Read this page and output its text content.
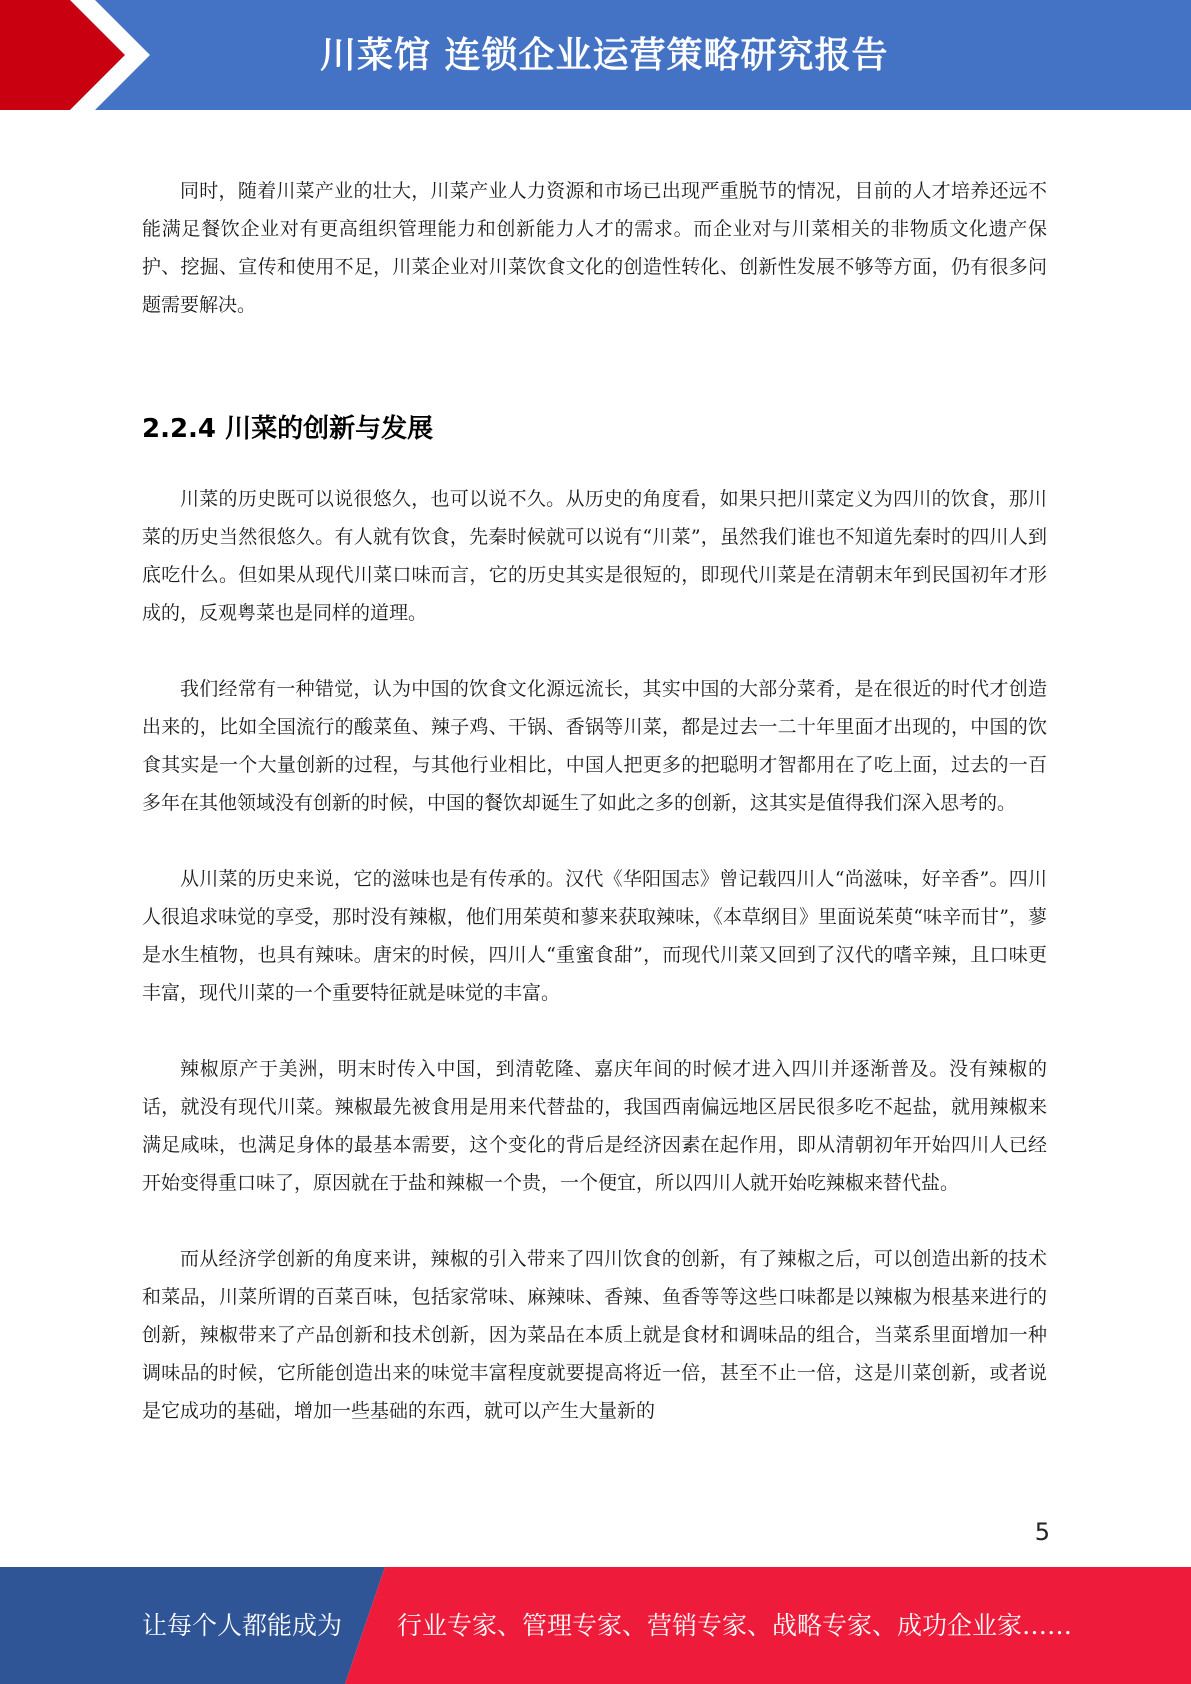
川菜馆 连锁企业运营策略研究报告

同时，随着川菜产业的壮大，川菜产业人力资源和市场已出现严重脱节的情况，目前的人才培养还远不能满足餐饮企业对有更高组织管理能力和创新能力人才的需求。而企业对与川菜相关的非物质文化遗产保护、挖掘、宣传和使用不足，川菜企业对川菜饮食文化的创造性转化、创新性发展不够等方面，仍有很多问题需要解决。

2.2.4 川菜的创新与发展

川菜的历史既可以说很悠久，也可以说不久。从历史的角度看，如果只把川菜定义为四川的饮食，那川菜的历史当然很悠久。有人就有饮食，先秦时候就可以说有“川菜”，虽然我们谁也不知道先秦时的四川人到底吃什么。但如果从现代川菜口味而言，它的历史其实是很短的，即现代川菜是在清朝末年到民国初年才形成的，反观粤菜也是同样的道理。

我们经常有一种错觉，认为中国的饮食文化源远流长，其实中国的大部分菜肴，是在很近的时代才创造出来的，比如全国流行的酸菜鱼、辣子鸡、干锅、香锅等川菜，都是过去一二十年里面才出现的，中国的饮食其实是一个大量创新的过程，与其他行业相比，中国人把更多的把聪明才智都用在了吃上面，过去的一百多年在其他领域没有创新的时候，中国的餐饮却诞生了如此之多的创新，这其实是值得我们深入思考的。

从川菜的历史来说，它的滋味也是有传承的。汉代《华阳国志》曾记载四川人“尚滋味，好辛香”。四川人很追求味觉的享受，那时没有辣椒，他们用茱萸和蓼来获取辣味，《本草纲目》里面说茱萸“味辛而甘”，蓼是水生植物，也具有辣味。唐宋的时候，四川人“重蜜食甜”，而现代川菜又回到了汉代的嗜辛辣，且口味更丰富，现代川菜的一个重要特征就是味觉的丰富。

辣椒原产于美洲，明末时传入中国，到清乾隆、嘉庆年间的时候才进入四川并逐渐普及。没有辣椒的话，就没有现代川菜。辣椒最先被食用是用来代替盐的，我国西南偏远地区居民很多吃不起盐，就用辣椒来满足咸味，也满足身体的最基本需要，这个变化的背后是经济因素在起作用，即从清朝初年开始四川人已经开始变得重口味了，原因就在于盐和辣椒一个贵，一个便宜，所以四川人就开始吃辣椒来替代盐。

而从经济学创新的角度来讲，辣椒的引入带来了四川饮食的创新，有了辣椒之后，可以创造出新的技术和菜品，川菜所谓的百菜百味，包括家常味、麻辣味、香辣、鱼香等等这些口味都是以辣椒为根基来进行的创新，辣椒带来了产品创新和技术创新，因为菜品在本质上就是食材和调味品的组合，当菜系里面增加一种调味品的时候，它所能创造出来的味觉丰富程度就要提高将近一倍，甚至不止一倍，这是川菜创新，或者说是它成功的基础，增加一些基础的东西，就可以产生大量新的

5
让每个人都能成为 行业专家、管理专家、营销专家、战略专家、成功企业家……
